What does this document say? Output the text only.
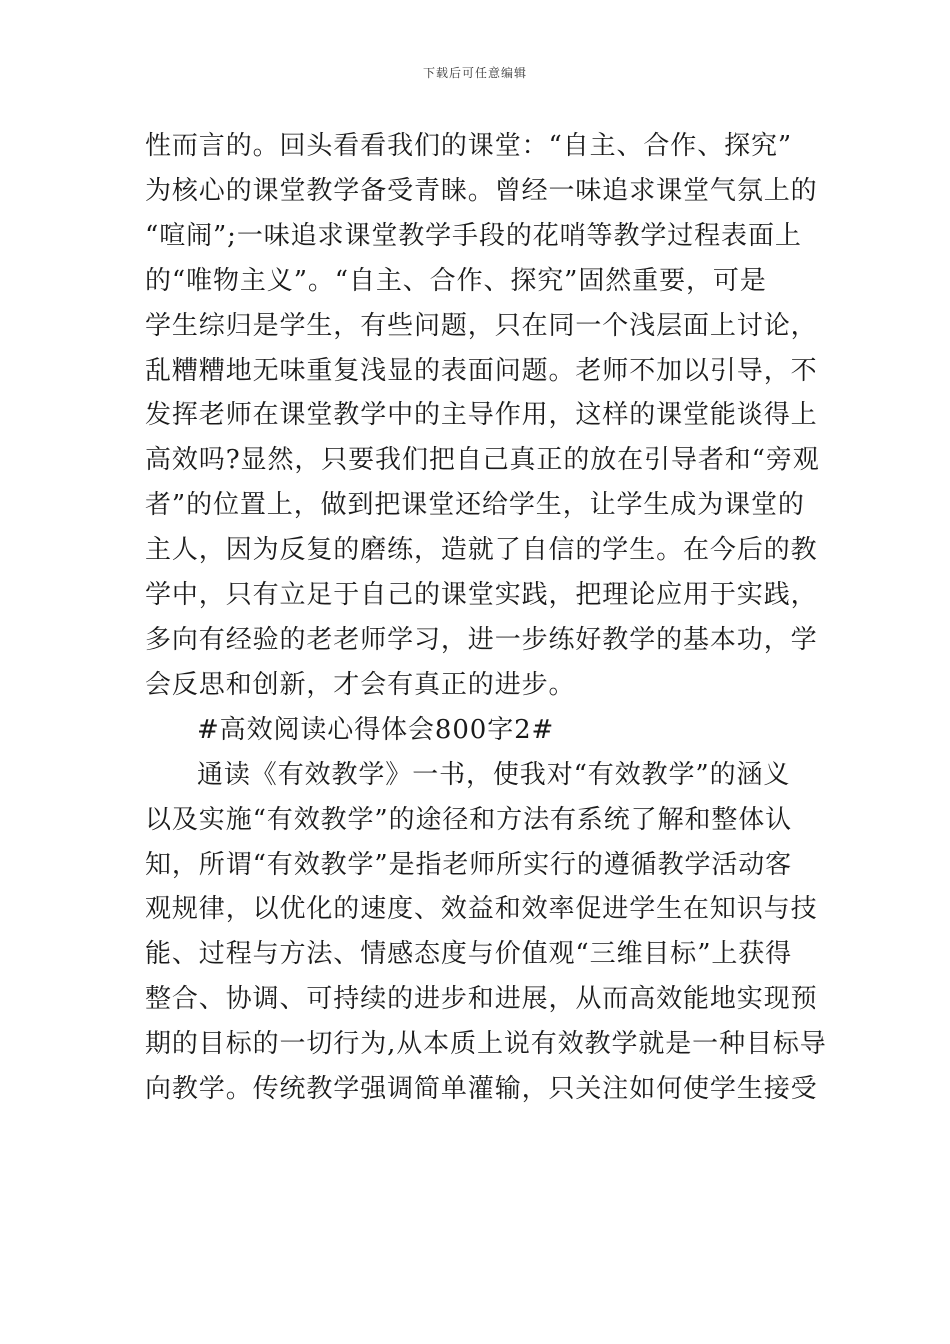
下载后可任意编辑
性而言的。回头看看我们的课堂：“自主、合作、探究”
为核心的课堂教学备受青睐。曾经一味追求课堂气氛上的
“喧闹”;一味追求课堂教学手段的花哨等教学过程表面上
的“唯物主义”。“自主、合作、探究”固然重要，可是
学生综归是学生，有些问题，只在同一个浅层面上讨论，
乱糟糟地无味重复浅显的表面问题。老师不加以引导，不
发挥老师在课堂教学中的主导作用，这样的课堂能谈得上
高效吗?显然，只要我们把自己真正的放在引导者和“旁观
者”的位置上，做到把课堂还给学生，让学生成为课堂的
主人，因为反复的磨练，造就了自信的学生。在今后的教
学中，只有立足于自己的课堂实践，把理论应用于实践，
多向有经验的老老师学习，进一步练好教学的基本功，学
会反思和创新，才会有真正的进步。
#高效阅读心得体会800字2#
通读《有效教学》一书，使我对“有效教学”的涵义
以及实施“有效教学”的途径和方法有系统了解和整体认
知，所谓“有效教学”是指老师所实行的遵循教学活动客
观规律，以优化的速度、效益和效率促进学生在知识与技
能、过程与方法、情感态度与价值观“三维目标”上获得
整合、协调、可持续的进步和进展，从而高效能地实现预
期的目标的一切行为,从本质上说有效教学就是一种目标导
向教学。传统教学强调简单灌输，只关注如何使学生接受
